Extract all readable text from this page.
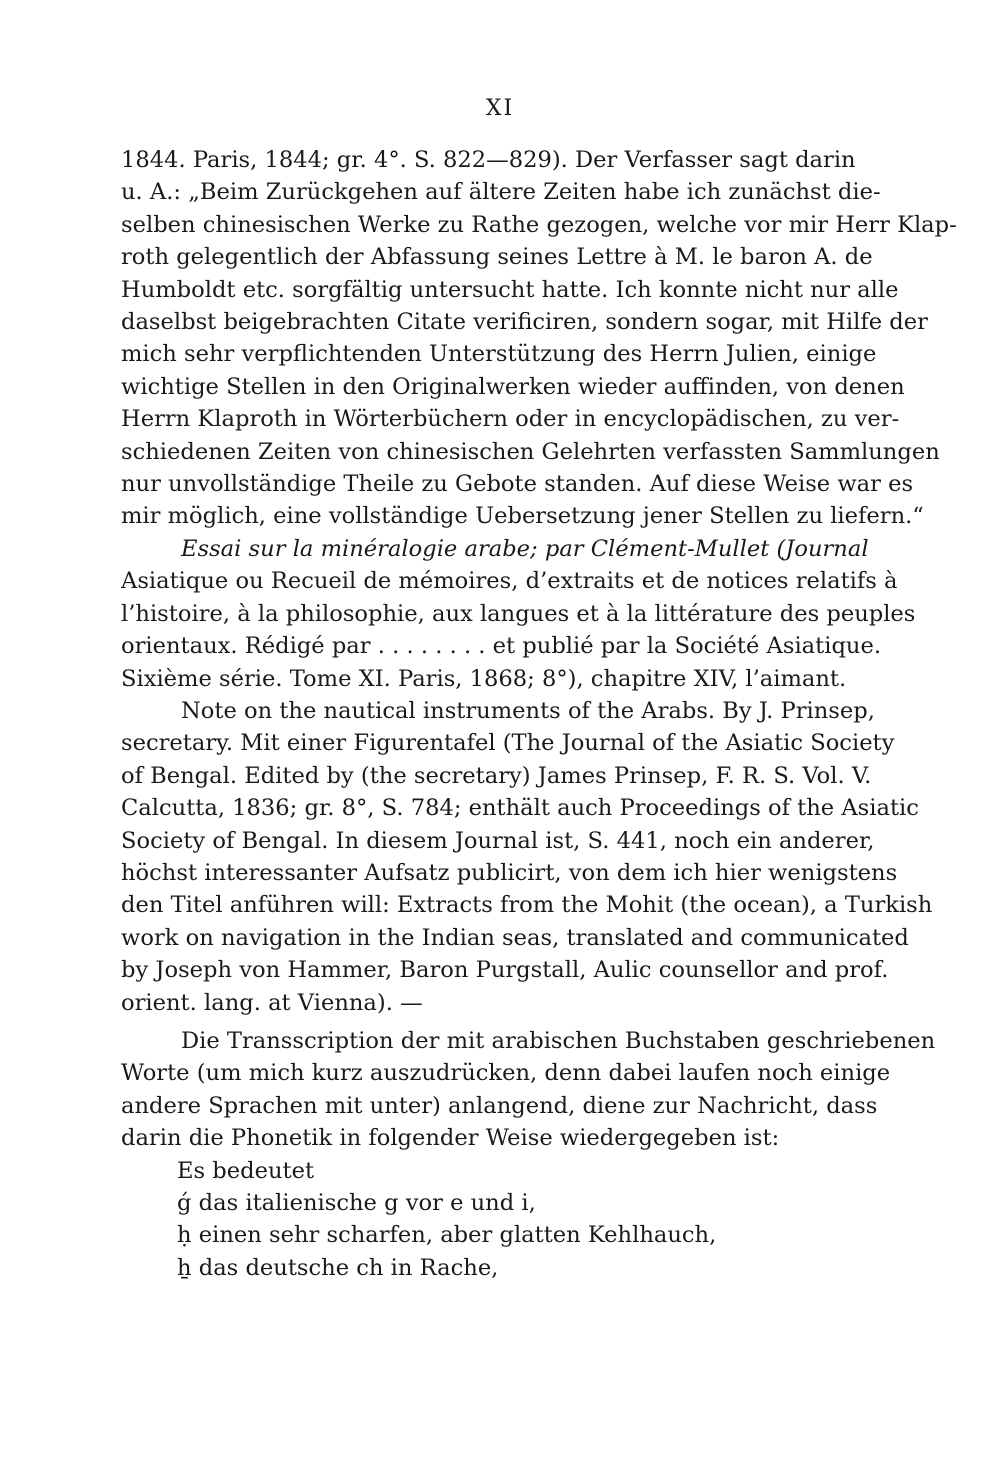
XI
1844. Paris, 1844; gr. 4°. S. 822—829). Der Verfasser sagt darin
u. A.: „Beim Zurückgehen auf ältere Zeiten habe ich zunächst die-
selben chinesischen Werke zu Rathe gezogen, welche vor mir Herr Klap-
roth gelegentlich der Abfassung seines Lettre à M. le baron A. de
Humboldt etc. sorgfältig untersucht hatte. Ich konnte nicht nur alle
daselbst beigebrachten Citate verificiren, sondern sogar, mit Hilfe der
mich sehr verpflichtenden Unterstützung des Herrn Julien, einige
wichtige Stellen in den Originalwerken wieder auffinden, von denen
Herrn Klaproth in Wörterbüchern oder in encyclopädischen, zu ver-
schiedenen Zeiten von chinesischen Gelehrten verfassten Sammlungen
nur unvollständige Theile zu Gebote standen. Auf diese Weise war es
mir möglich, eine vollständige Uebersetzung jener Stellen zu liefern.“
Essai sur la minéralogie arabe; par Clément-Mullet (Journal
Asiatique ou Recueil de mémoires, d’extraits et de notices relatifs à
l’histoire, à la philosophie, aux langues et à la littérature des peuples
orientaux. Rédigé par . . . . . . . . et publié par la Société Asiatique.
Sixième série. Tome XI. Paris, 1868; 8°), chapitre XIV, l’aimant.
Note on the nautical instruments of the Arabs. By J. Prinsep,
secretary. Mit einer Figurentafel (The Journal of the Asiatic Society
of Bengal. Edited by (the secretary) James Prinsep, F. R. S. Vol. V.
Calcutta, 1836; gr. 8°, S. 784; enthält auch Proceedings of the Asiatic
Society of Bengal. In diesem Journal ist, S. 441, noch ein anderer,
höchst interessanter Aufsatz publicirt, von dem ich hier wenigstens
den Titel anführen will: Extracts from the Mohit (the ocean), a Turkish
work on navigation in the Indian seas, translated and communicated
by Joseph von Hammer, Baron Purgstall, Aulic counsellor and prof.
orient. lang. at Vienna). —
Die Transscription der mit arabischen Buchstaben geschriebenen
Worte (um mich kurz auszudrücken, denn dabei laufen noch einige
andere Sprachen mit unter) anlangend, diene zur Nachricht, dass
darin die Phonetik in folgender Weise wiedergegeben ist:
Es bedeutet
ǵ das italienische g vor e und i,
ḥ einen sehr scharfen, aber glatten Kehlhauch,
ẖ das deutsche ch in Rache,
